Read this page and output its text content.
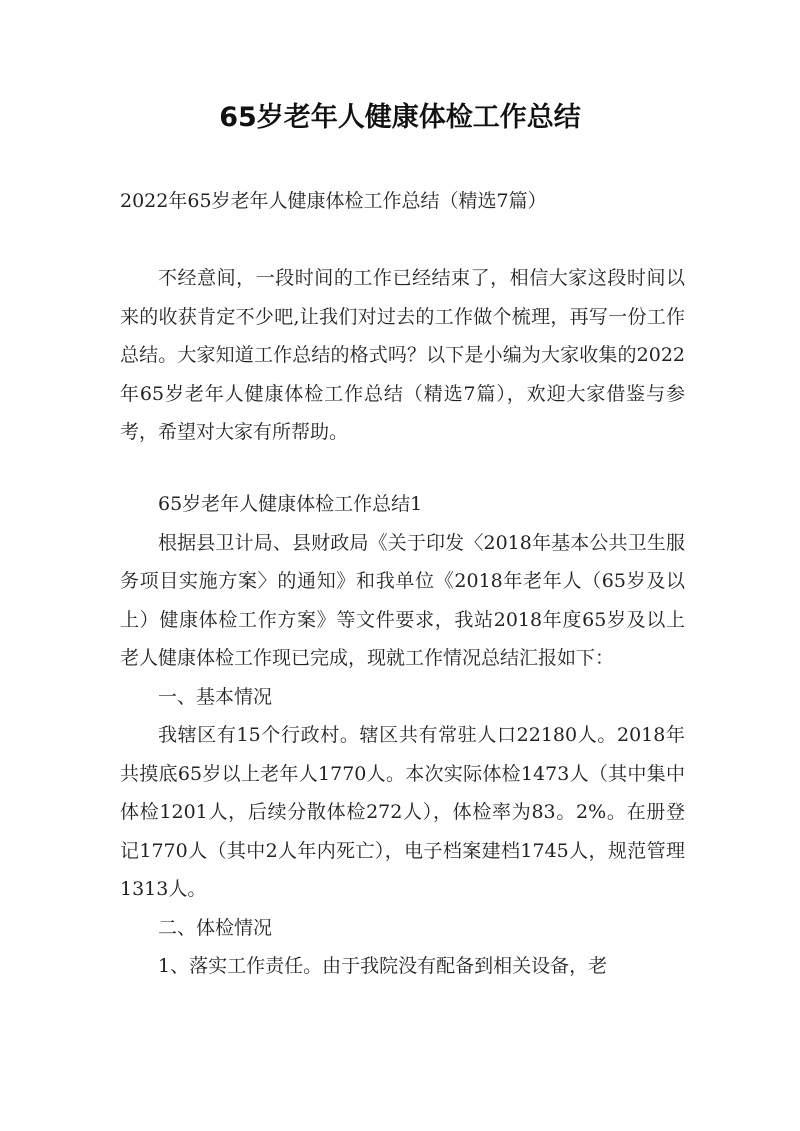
65岁老年人健康体检工作总结

2022年65岁老年人健康体检工作总结（精选7篇）

不经意间，一段时间的工作已经结束了，相信大家这段时间以来的收获肯定不少吧,让我们对过去的工作做个梳理，再写一份工作总结。大家知道工作总结的格式吗？以下是小编为大家收集的2022年65岁老年人健康体检工作总结（精选7篇），欢迎大家借鉴与参考，希望对大家有所帮助。

65岁老年人健康体检工作总结1

根据县卫计局、县财政局《关于印发〈2018年基本公共卫生服务项目实施方案〉的通知》和我单位《2018年老年人（65岁及以上）健康体检工作方案》等文件要求，我站2018年度65岁及以上老人健康体检工作现已完成，现就工作情况总结汇报如下：

一、基本情况

我辖区有15个行政村。辖区共有常驻人口22180人。2018年共摸底65岁以上老年人1770人。本次实际体检1473人（其中集中体检1201人，后续分散体检272人），体检率为83。2%。在册登记1770人（其中2人年内死亡），电子档案建档1745人，规范管理1313人。

二、体检情况

1、落实工作责任。由于我院没有配备到相关设备，老
